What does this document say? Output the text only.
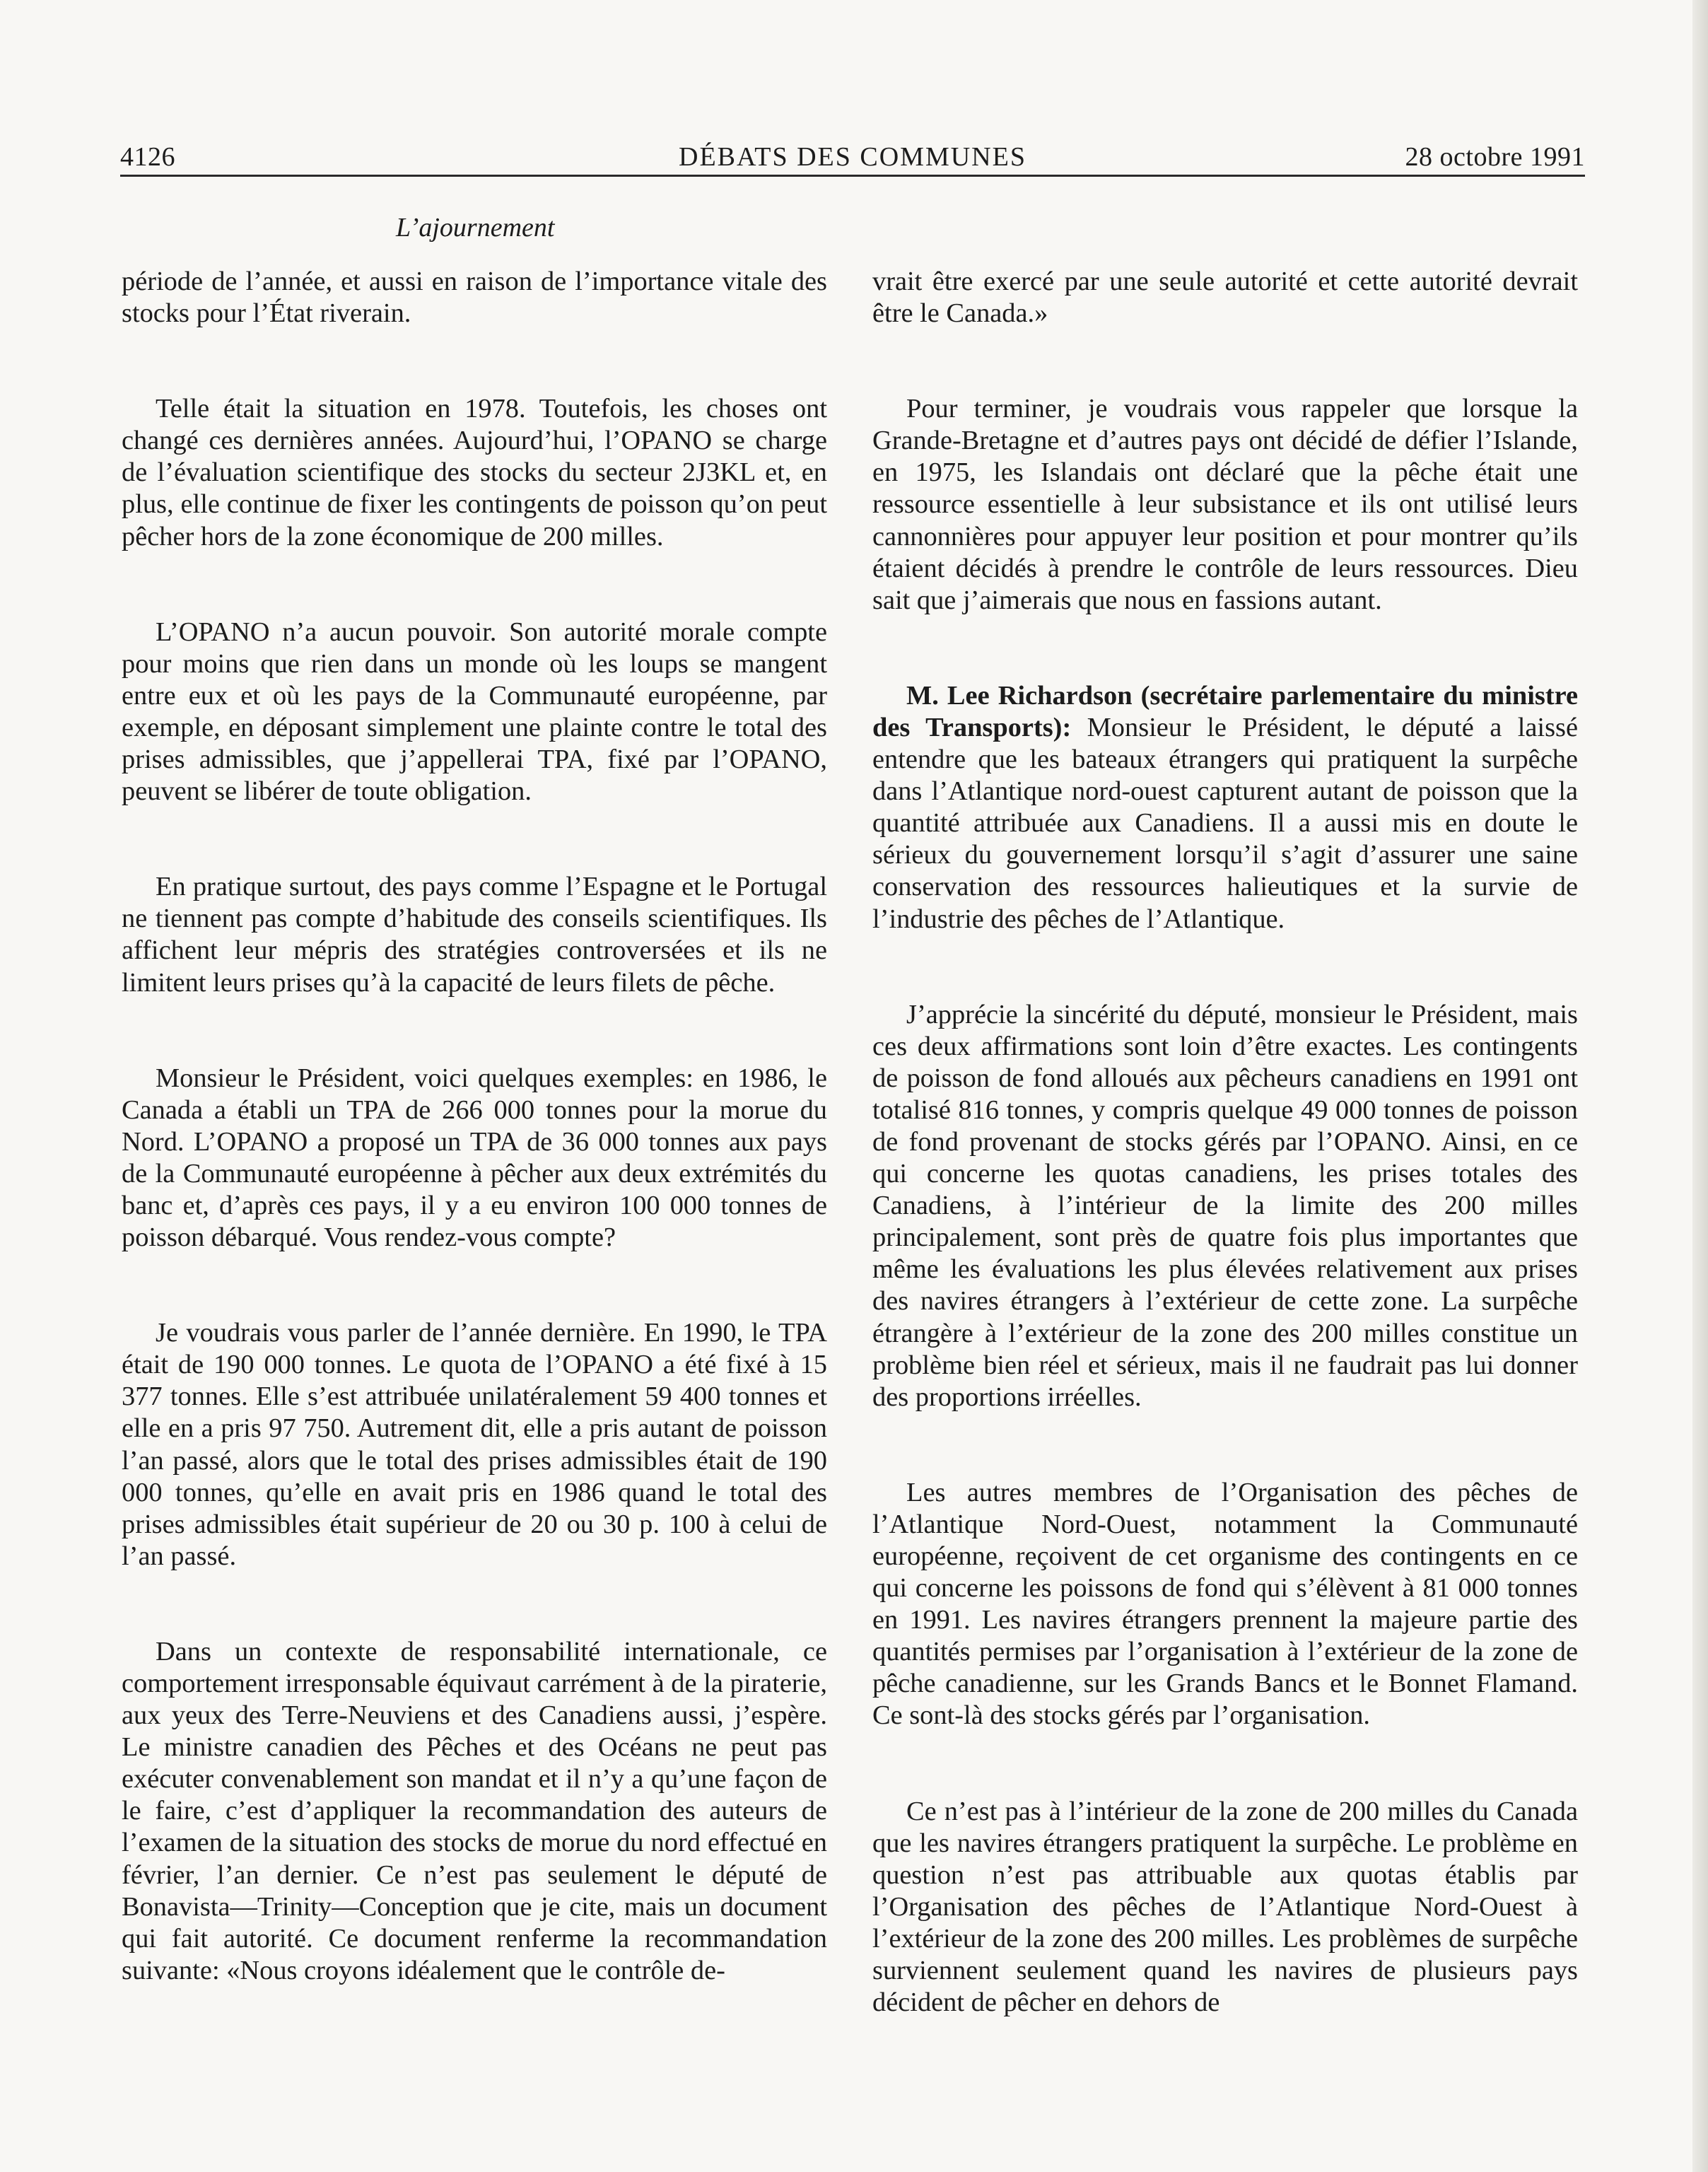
DÉBATS DES COMMUNES
4126	28 octobre 1991
L’ajournement

période de l’année, et aussi en raison de l’importance vitale des stocks pour l’État riverain.

Telle était la situation en 1978. Toutefois, les choses ont changé ces dernières années. Aujourd’hui, l’OPANO se charge de l’évaluation scientifique des stocks du secteur 2J3KL et, en plus, elle continue de fixer les contingents de poisson qu’on peut pêcher hors de la zone économique de 200 milles.

L’OPANO n’a aucun pouvoir. Son autorité morale compte pour moins que rien dans un monde où les loups se mangent entre eux et où les pays de la Communauté européenne, par exemple, en déposant simplement une plainte contre le total des prises admissibles, que j’appellerai TPA, fixé par l’OPANO, peuvent se libérer de toute obligation.

En pratique surtout, des pays comme l’Espagne et le Portugal ne tiennent pas compte d’habitude des conseils scientifiques. Ils affichent leur mépris des stratégies controversées et ils ne limitent leurs prises qu’à la capacité de leurs filets de pêche.

Monsieur le Président, voici quelques exemples: en 1986, le Canada a établi un TPA de 266 000 tonnes pour la morue du Nord. L’OPANO a proposé un TPA de 36 000 tonnes aux pays de la Communauté européenne à pêcher aux deux extrémités du banc et, d’après ces pays, il y a eu environ 100 000 tonnes de poisson débarqué. Vous rendez-vous compte?

Je voudrais vous parler de l’année dernière. En 1990, le TPA était de 190 000 tonnes. Le quota de l’OPANO a été fixé à 15 377 tonnes. Elle s’est attribuée unilatéralement 59 400 tonnes et elle en a pris 97 750. Autrement dit, elle a pris autant de poisson l’an passé, alors que le total des prises admissibles était de 190 000 tonnes, qu’elle en avait pris en 1986 quand le total des prises admissibles était supérieur de 20 ou 30 p. 100 à celui de l’an passé.

Dans un contexte de responsabilité internationale, ce comportement irresponsable équivaut carrément à de la piraterie, aux yeux des Terre-Neuviens et des Canadiens aussi, j’espère. Le ministre canadien des Pêches et des Océans ne peut pas exécuter convenablement son mandat et il n’y a qu’une façon de le faire, c’est d’appliquer la recommandation des auteurs de l’examen de la situation des stocks de morue du nord effectué en février, l’an dernier. Ce n’est pas seulement le député de Bonavista—Trinity—Conception que je cite, mais un document qui fait autorité. Ce document renferme la recommandation suivante: «Nous croyons idéalement que le contrôle de-

vrait être exercé par une seule autorité et cette autorité devrait être le Canada.»

Pour terminer, je voudrais vous rappeler que lorsque la Grande-Bretagne et d’autres pays ont décidé de défier l’Islande, en 1975, les Islandais ont déclaré que la pêche était une ressource essentielle à leur subsistance et ils ont utilisé leurs cannonnières pour appuyer leur position et pour montrer qu’ils étaient décidés à prendre le contrôle de leurs ressources. Dieu sait que j’aimerais que nous en fassions autant.

M. Lee Richardson (secrétaire parlementaire du ministre des Transports): Monsieur le Président, le député a laissé entendre que les bateaux étrangers qui pratiquent la surpêche dans l’Atlantique nord-ouest capturent autant de poisson que la quantité attribuée aux Canadiens. Il a aussi mis en doute le sérieux du gouvernement lorsqu’il s’agit d’assurer une saine conservation des ressources halieutiques et la survie de l’industrie des pêches de l’Atlantique.

J’apprécie la sincérité du député, monsieur le Président, mais ces deux affirmations sont loin d’être exactes. Les contingents de poisson de fond alloués aux pêcheurs canadiens en 1991 ont totalisé 816 tonnes, y compris quelque 49 000 tonnes de poisson de fond provenant de stocks gérés par l’OPANO. Ainsi, en ce qui concerne les quotas canadiens, les prises totales des Canadiens, à l’intérieur de la limite des 200 milles principalement, sont près de quatre fois plus importantes que même les évaluations les plus élevées relativement aux prises des navires étrangers à l’extérieur de cette zone. La surpêche étrangère à l’extérieur de la zone des 200 milles constitue un problème bien réel et sérieux, mais il ne faudrait pas lui donner des proportions irréelles.

Les autres membres de l’Organisation des pêches de l’Atlantique Nord-Ouest, notamment la Communauté européenne, reçoivent de cet organisme des contingents en ce qui concerne les poissons de fond qui s’élèvent à 81 000 tonnes en 1991. Les navires étrangers prennent la majeure partie des quantités permises par l’organisation à l’extérieur de la zone de pêche canadienne, sur les Grands Bancs et le Bonnet Flamand. Ce sont-là des stocks gérés par l’organisation.

Ce n’est pas à l’intérieur de la zone de 200 milles du Canada que les navires étrangers pratiquent la surpêche. Le problème en question n’est pas attribuable aux quotas établis par l’Organisation des pêches de l’Atlantique Nord-Ouest à l’extérieur de la zone des 200 milles. Les problèmes de surpêche surviennent seulement quand les navires de plusieurs pays décident de pêcher en dehors de
